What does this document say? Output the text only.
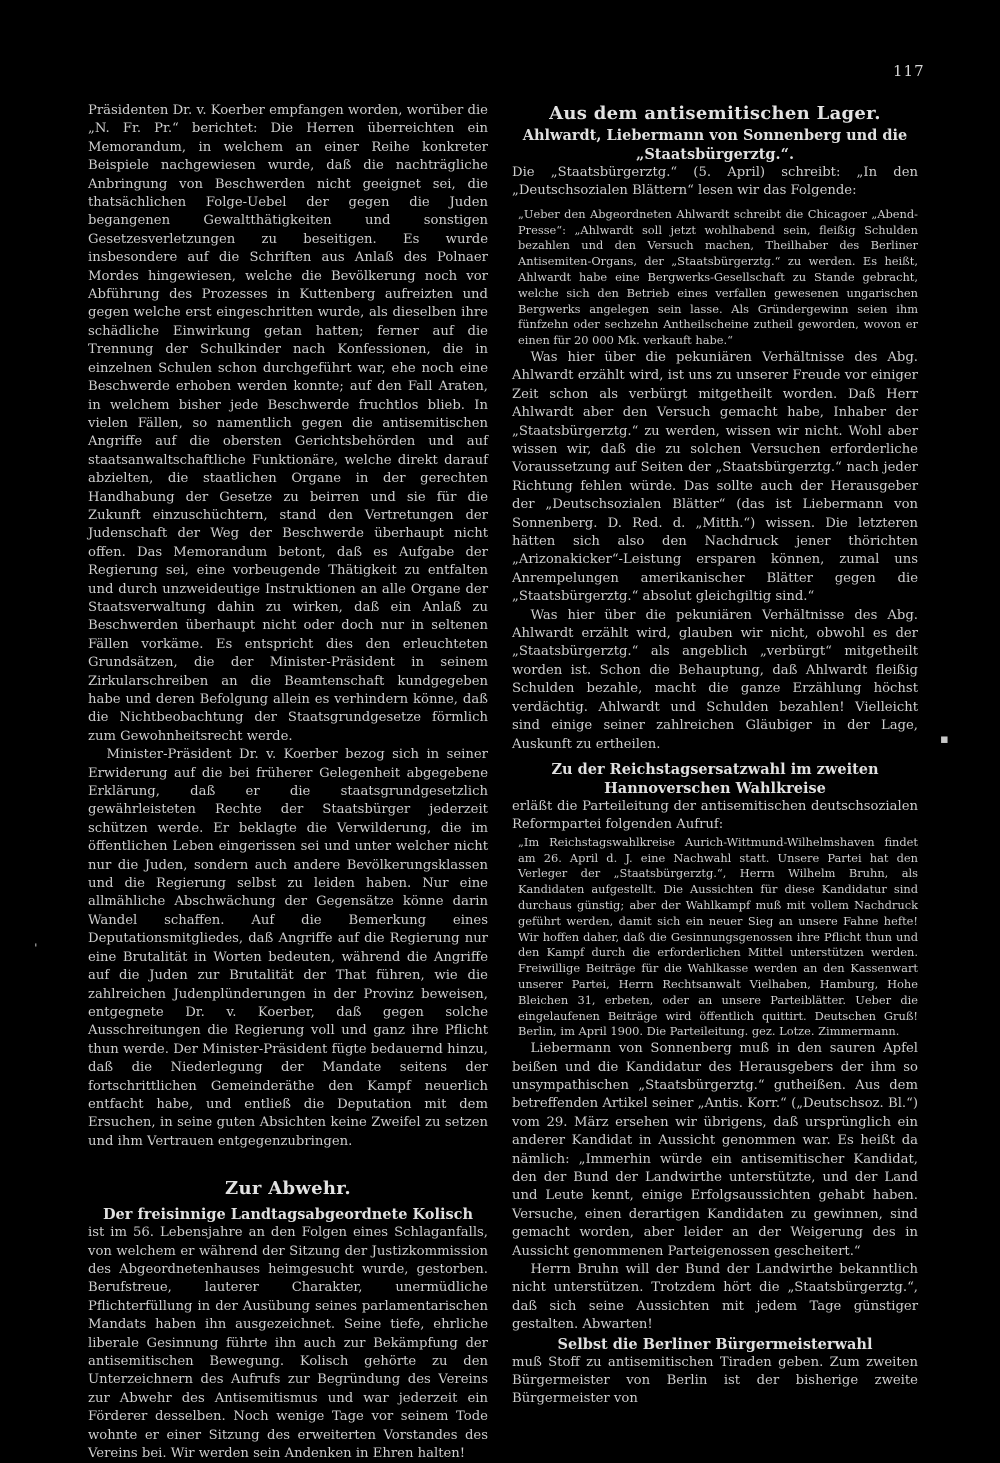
117

Präsidenten Dr. v. Koerber empfangen worden, worüber die „N. Fr. Pr.“ berichtet: Die Herren überreichten ein Memorandum, in welchem an einer Reihe konkreter Beispiele nachgewiesen wurde, daß die nachträgliche Anbringung von Beschwerden nicht geeignet sei, die thatsächlichen Folge-Uebel der gegen die Juden begangenen Gewaltthätigkeiten und sonstigen Gesetzesverletzungen zu beseitigen. Es wurde insbesondere auf die Schriften aus Anlaß des Polnaer Mordes hingewiesen, welche die Bevölkerung noch vor Abführung des Prozesses in Kuttenberg aufreizten und gegen welche erst eingeschritten wurde, als dieselben ihre schädliche Einwirkung getan hatten; ferner auf die Trennung der Schulkinder nach Konfessionen, die in einzelnen Schulen schon durchgeführt war, ehe noch eine Beschwerde erhoben werden konnte; auf den Fall Araten, in welchem bisher jede Beschwerde fruchtlos blieb. In vielen Fällen, so namentlich gegen die antisemitischen Angriffe auf die obersten Gerichtsbehörden und auf staatsanwaltschaftliche Funktionäre, welche direkt darauf abzielten, die staatlichen Organe in der gerechten Handhabung der Gesetze zu beirren und sie für die Zukunft einzuschüchtern, stand den Vertretungen der Judenschaft der Weg der Beschwerde überhaupt nicht offen. Das Memorandum betont, daß es Aufgabe der Regierung sei, eine vorbeugende Thätigkeit zu entfalten und durch unzweideutige Instruktionen an alle Organe der Staatsverwaltung dahin zu wirken, daß ein Anlaß zu Beschwerden überhaupt nicht oder doch nur in seltenen Fällen vorkäme. Es entspricht dies den erleuchteten Grundsätzen, die der Minister-Präsident in seinem Zirkularschreiben an die Beamtenschaft kundgegeben habe und deren Befolgung allein es verhindern könne, daß die Nichtbeobachtung der Staatsgrundgesetze förmlich zum Gewohnheitsrecht werde.

Minister-Präsident Dr. v. Koerber bezog sich in seiner Erwiderung auf die bei früherer Gelegenheit abgegebene Erklärung, daß er die staatsgrundgesetzlich gewährleisteten Rechte der Staatsbürger jederzeit schützen werde. Er beklagte die Verwilderung, die im öffentlichen Leben eingerissen sei und unter welcher nicht nur die Juden, sondern auch andere Bevölkerungsklassen und die Regierung selbst zu leiden haben. Nur eine allmähliche Abschwächung der Gegensätze könne darin Wandel schaffen. Auf die Bemerkung eines Deputationsmitgliedes, daß Angriffe auf die Regierung nur eine Brutalität in Worten bedeuten, während die Angriffe auf die Juden zur Brutalität der That führen, wie die zahlreichen Judenplünderungen in der Provinz beweisen, entgegnete Dr. v. Koerber, daß gegen solche Ausschreitungen die Regierung voll und ganz ihre Pflicht thun werde. Der Minister-Präsident fügte bedauernd hinzu, daß die Niederlegung der Mandate seitens der fortschrittlichen Gemeinderäthe den Kampf neuerlich entfacht habe, und entließ die Deputation mit dem Ersuchen, in seine guten Absichten keine Zweifel zu setzen und ihm Vertrauen entgegenzubringen.

Zur Abwehr.
Der freisinnige Landtagsabgeordnete Kolisch

ist im 56. Lebensjahre an den Folgen eines Schlaganfalls, von welchem er während der Sitzung der Justizkommission des Abgeordnetenhauses heimgesucht wurde, gestorben. Berufstreue, lauterer Charakter, unermüdliche Pflichterfüllung in der Ausübung seines parlamentarischen Mandats haben ihn ausgezeichnet. Seine tiefe, ehrliche liberale Gesinnung führte ihn auch zur Bekämpfung der antisemitischen Bewegung. Kolisch gehörte zu den Unterzeichnern des Aufrufs zur Begründung des Vereins zur Abwehr des Antisemitismus und war jederzeit ein Förderer desselben. Noch wenige Tage vor seinem Tode wohnte er einer Sitzung des erweiterten Vorstandes des Vereins bei. Wir werden sein Andenken in Ehren halten!

Aus dem antisemitischen Lager.
Ahlwardt, Liebermann von Sonnenberg und die „Staatsbürgerztg.“.

Die „Staatsbürgerztg.“ (5. April) schreibt: „In den „Deutschsozialen Blättern“ lesen wir das Folgende:

„Ueber den Abgeordneten Ahlwardt schreibt die Chicagoer „Abend-Presse“: „Ahlwardt soll jetzt wohlhabend sein, fleißig Schulden bezahlen und den Versuch machen, Theilhaber des Berliner Antisemiten-Organs, der „Staatsbürgerztg.“ zu werden. Es heißt, Ahlwardt habe eine Bergwerks-Gesellschaft zu Stande gebracht, welche sich den Betrieb eines verfallen gewesenen ungarischen Bergwerks angelegen sein lasse. Als Gründergewinn seien ihm fünfzehn oder sechzehn Antheilscheine zutheil geworden, wovon er einen für 20 000 Mk. verkauft habe.“

Was hier über die pekuniären Verhältnisse des Abg. Ahlwardt erzählt wird, ist uns zu unserer Freude vor einiger Zeit schon als verbürgt mitgetheilt worden. Daß Herr Ahlwardt aber den Versuch gemacht habe, Inhaber der „Staatsbürgerztg.“ zu werden, wissen wir nicht. Wohl aber wissen wir, daß die zu solchen Versuchen erforderliche Voraussetzung auf Seiten der „Staatsbürgerztg.“ nach jeder Richtung fehlen würde. Das sollte auch der Herausgeber der „Deutschsozialen Blätter“ (das ist Liebermann von Sonnenberg. D. Red. d. „Mitth.“) wissen. Die letzteren hätten sich also den Nachdruck jener thörichten „Arizonakicker“-Leistung ersparen können, zumal uns Anrempelungen amerikanischer Blätter gegen die „Staatsbürgerztg.“ absolut gleichgiltig sind.“

Was hier über die pekuniären Verhältnisse des Abg. Ahlwardt erzählt wird, glauben wir nicht, obwohl es der „Staatsbürgerztg.“ als angeblich „verbürgt“ mitgetheilt worden ist. Schon die Behauptung, daß Ahlwardt fleißig Schulden bezahle, macht die ganze Erzählung höchst verdächtig. Ahlwardt und Schulden bezahlen! Vielleicht sind einige seiner zahlreichen Gläubiger in der Lage, Auskunft zu ertheilen.

Zu der Reichstagsersatzwahl im zweiten Hannoverschen Wahlkreise

erläßt die Parteileitung der antisemitischen deutschsozialen Reformpartei folgenden Aufruf:

„Im Reichstagswahlkreise Aurich-Wittmund-Wilhelmshaven findet am 26. April d. J. eine Nachwahl statt. Unsere Partei hat den Verleger der „Staatsbürgerztg.“, Herrn Wilhelm Bruhn, als Kandidaten aufgestellt. Die Aussichten für diese Kandidatur sind durchaus günstig; aber der Wahlkampf muß mit vollem Nachdruck geführt werden, damit sich ein neuer Sieg an unsere Fahne hefte! Wir hoffen daher, daß die Gesinnungsgenossen ihre Pflicht thun und den Kampf durch die erforderlichen Mittel unterstützen werden. Freiwillige Beiträge für die Wahlkasse werden an den Kassenwart unserer Partei, Herrn Rechtsanwalt Vielhaben, Hamburg, Hohe Bleichen 31, erbeten, oder an unsere Parteiblätter. Ueber die eingelaufenen Beiträge wird öffentlich quittirt. Deutschen Gruß! Berlin, im April 1900. Die Parteileitung. gez. Lotze. Zimmermann.

Liebermann von Sonnenberg muß in den sauren Apfel beißen und die Kandidatur des Herausgebers der ihm so unsympathischen „Staatsbürgerztg.“ gutheißen. Aus dem betreffenden Artikel seiner „Antis. Korr.“ („Deutschsoz. Bl.“) vom 29. März ersehen wir übrigens, daß ursprünglich ein anderer Kandidat in Aussicht genommen war. Es heißt da nämlich: „Immerhin würde ein antisemitischer Kandidat, den der Bund der Landwirthe unterstützte, und der Land und Leute kennt, einige Erfolgsaussichten gehabt haben. Versuche, einen derartigen Kandidaten zu gewinnen, sind gemacht worden, aber leider an der Weigerung des in Aussicht genommenen Parteigenossen gescheitert.“

Herrn Bruhn will der Bund der Landwirthe bekanntlich nicht unterstützen. Trotzdem hört die „Staatsbürgerztg.“, daß sich seine Aussichten mit jedem Tage günstiger gestalten. Abwarten!

Selbst die Berliner Bürgermeisterwahl

muß Stoff zu antisemitischen Tiraden geben. Zum zweiten Bürgermeister von Berlin ist der bisherige zweite Bürgermeister von

▪
ˌ
